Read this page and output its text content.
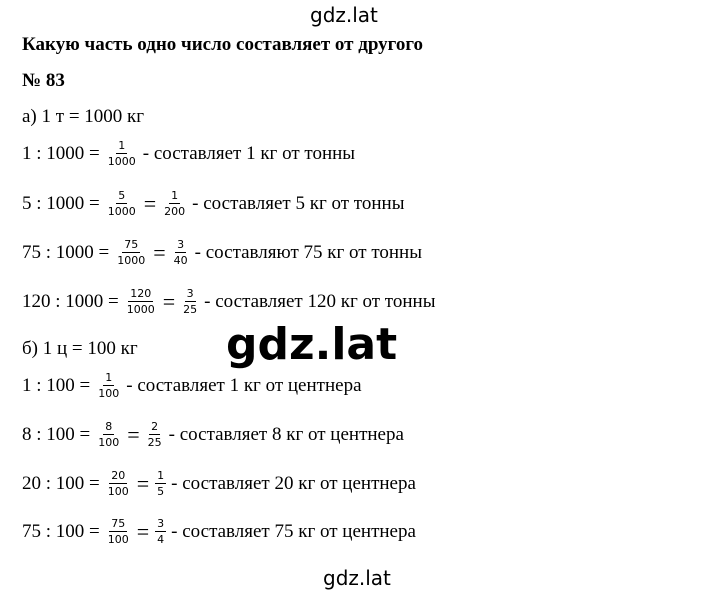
gdz.lat
Какую часть одно число составляет от другого
№ 83
а) 1 т = 1000 кг
1 : $1000 = \frac{1}{1000}$ - составляет 1 кг от тонны
5 : $1000 = \frac{5}{1000} = \frac{1}{200}$ - составляет 5 кг от тонны
75 : $1000 = \frac{75}{1000} = \frac{3}{40}$ - составляют 75 кг от тонны
120 : $1000 = \frac{120}{1000} = \frac{3}{25}$ - составляет 120 кг от тонны
б) 1 ц = 100 кг gdz.lat
1 : $100 = \frac{1}{100}$ - составляет 1 кг от центнера
8 : $100 = \frac{8}{100} = \frac{2}{25}$ - составляет 8 кг от центнера
20 : $100 = \frac{20}{100} = \frac{1}{5}$ - составляет 20 кг от центнера
75 : $100 = \frac{75}{100} = \frac{3}{4}$ - составляет 75 кг от центнера
gdz.lat
